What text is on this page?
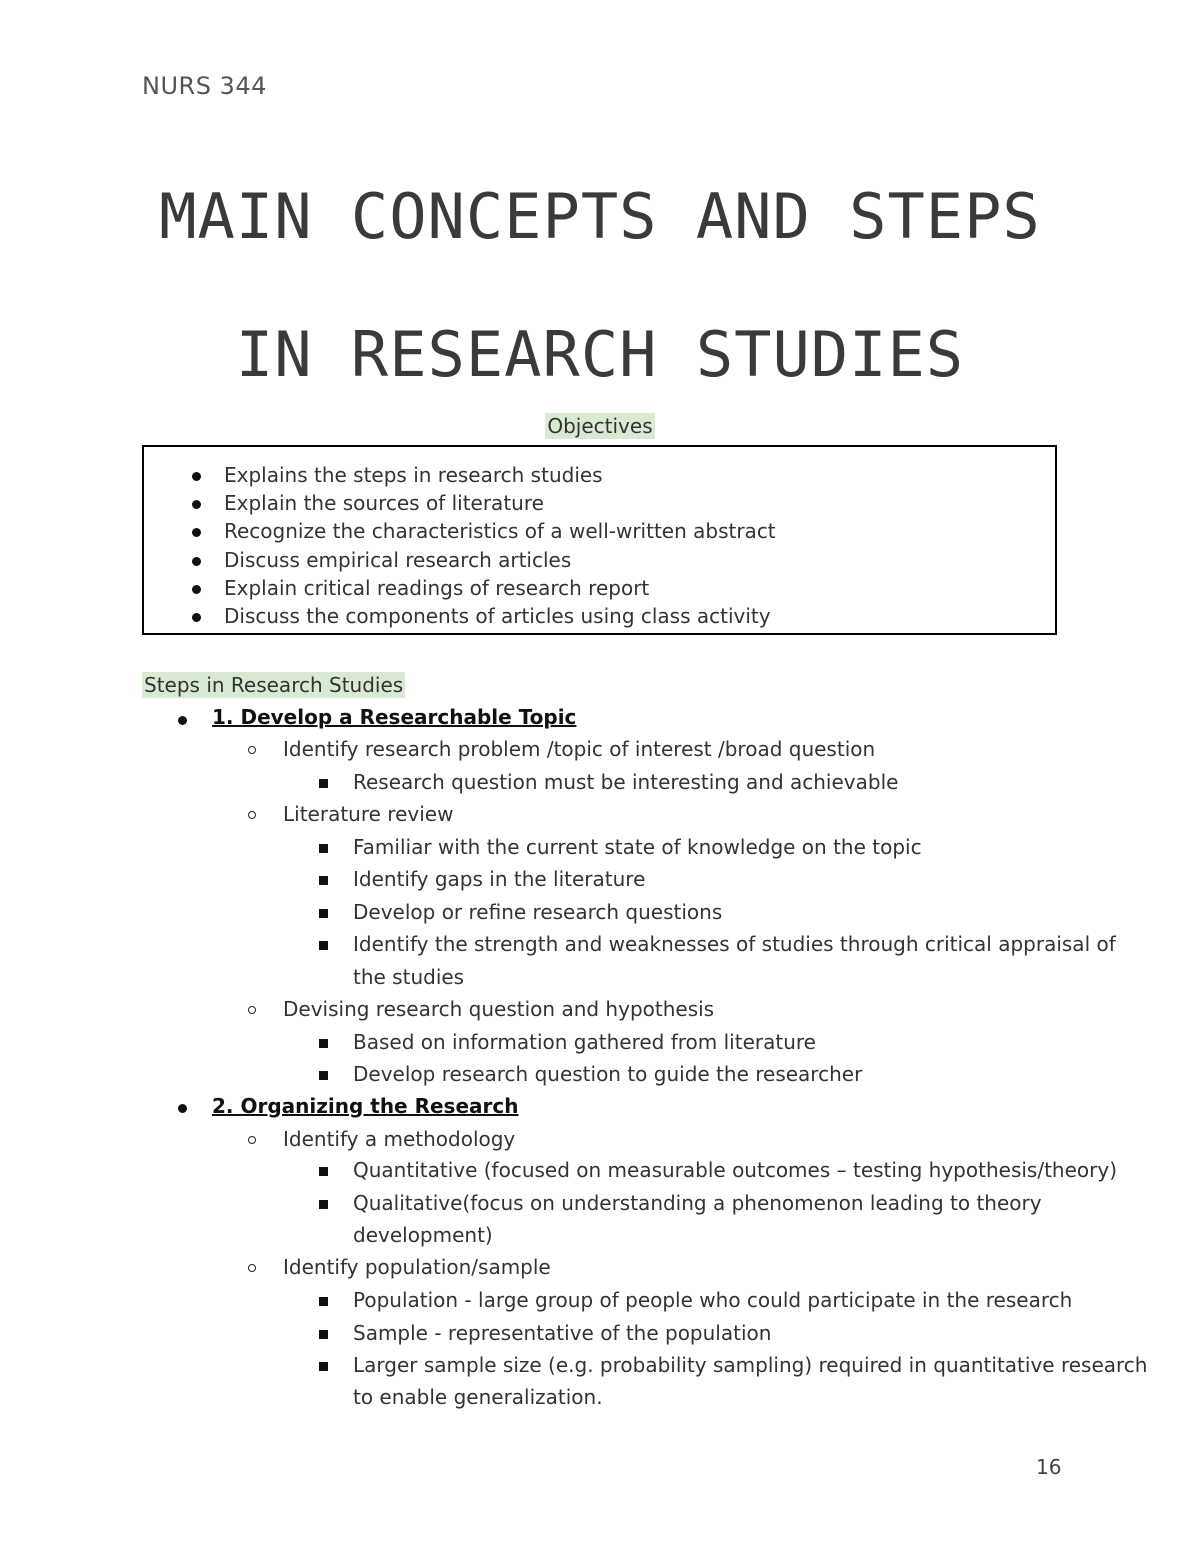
NURS 344
MAIN CONCEPTS AND STEPS
IN RESEARCH STUDIES
Objectives
Explains the steps in research studies
Explain the sources of literature
Recognize the characteristics of a well-written abstract
Discuss empirical research articles
Explain critical readings of research report
Discuss the components of articles using class activity
Steps in Research Studies
1. Develop a Researchable Topic
Identify research problem /topic of interest /broad question
Research question must be interesting and achievable
Literature review
Familiar with the current state of knowledge on the topic
Identify gaps in the literature
Develop or refine research questions
Identify the strength and weaknesses of studies through critical appraisal of
the studies
Devising research question and hypothesis
Based on information gathered from literature
Develop research question to guide the researcher
2. Organizing the Research
Identify a methodology
Quantitative (focused on measurable outcomes – testing hypothesis/theory)
Qualitative(focus on understanding a phenomenon leading to theory
development)
Identify population/sample
Population - large group of people who could participate in the research
Sample - representative of the population
Larger sample size (e.g. probability sampling) required in quantitative research
to enable generalization.
16
